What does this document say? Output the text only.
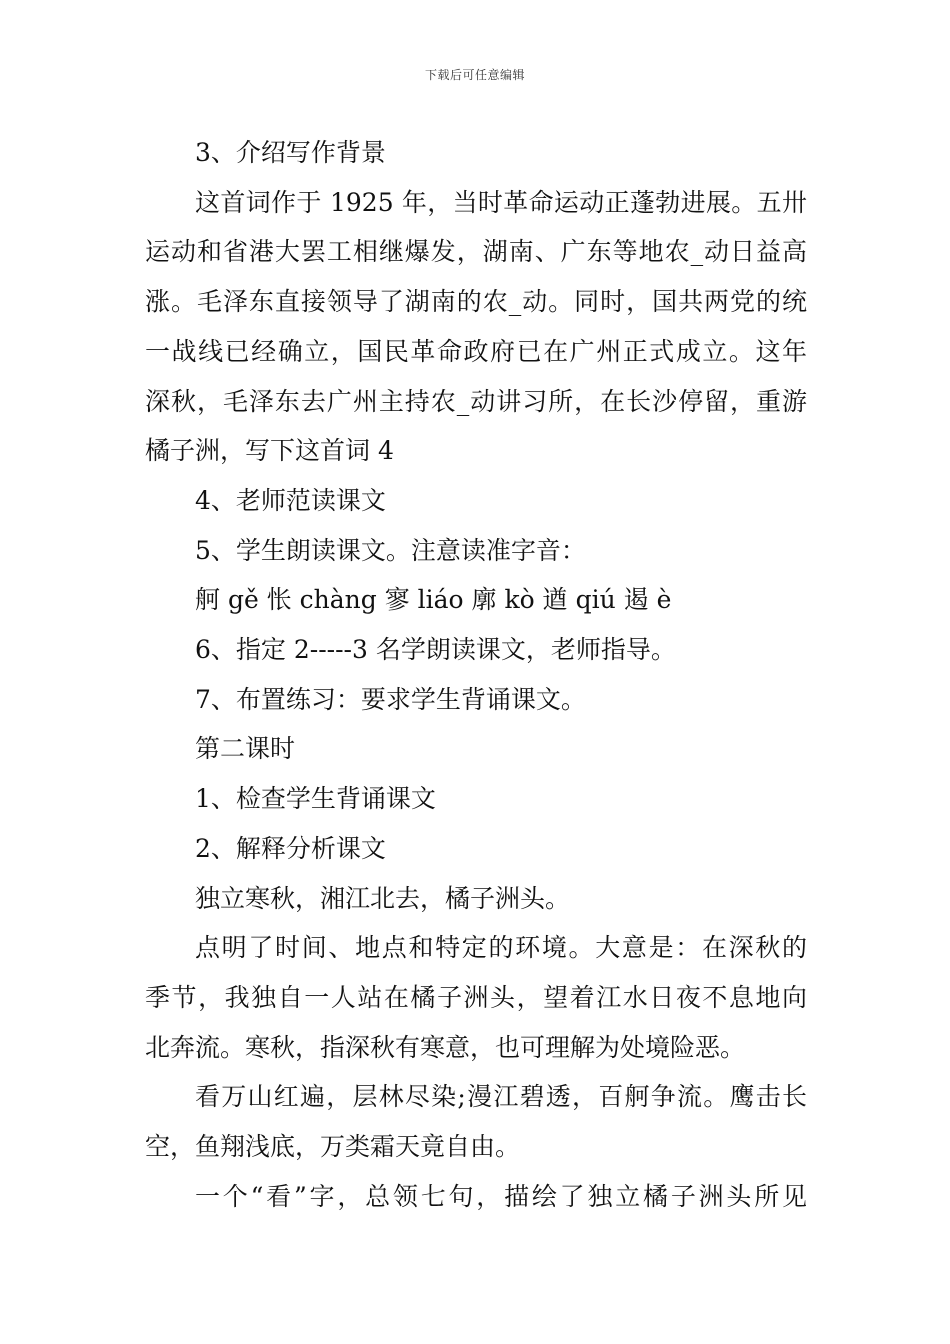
下载后可任意编辑

3、介绍写作背景

这首词作于 1925 年，当时革命运动正蓬勃进展。五卅
运动和省港大罢工相继爆发，湖南、广东等地农_动日益高
涨。毛泽东直接领导了湖南的农_动。同时，国共两党的统
一战线已经确立，国民革命政府已在广州正式成立。这年
深秋，毛泽东去广州主持农_动讲习所，在长沙停留，重游
橘子洲，写下这首词 4

4、老师范读课文

5、学生朗读课文。注意读准字音：

舸 gě 怅 chàng 寥 liáo 廓 kò 遒 qiú 遏 è

6、指定 2-----3 名学朗读课文，老师指导。

7、布置练习：要求学生背诵课文。

第二课时

1、检查学生背诵课文

2、解释分析课文

独立寒秋，湘江北去，橘子洲头。

点明了时间、地点和特定的环境。大意是：在深秋的
季节，我独自一人站在橘子洲头，望着江水日夜不息地向
北奔流。寒秋，指深秋有寒意，也可理解为处境险恶。
看万山红遍，层林尽染;漫江碧透，百舸争流。鹰击长
空，鱼翔浅底，万类霜天竟自由。
一个“看”字，总领七句，描绘了独立橘子洲头所见
